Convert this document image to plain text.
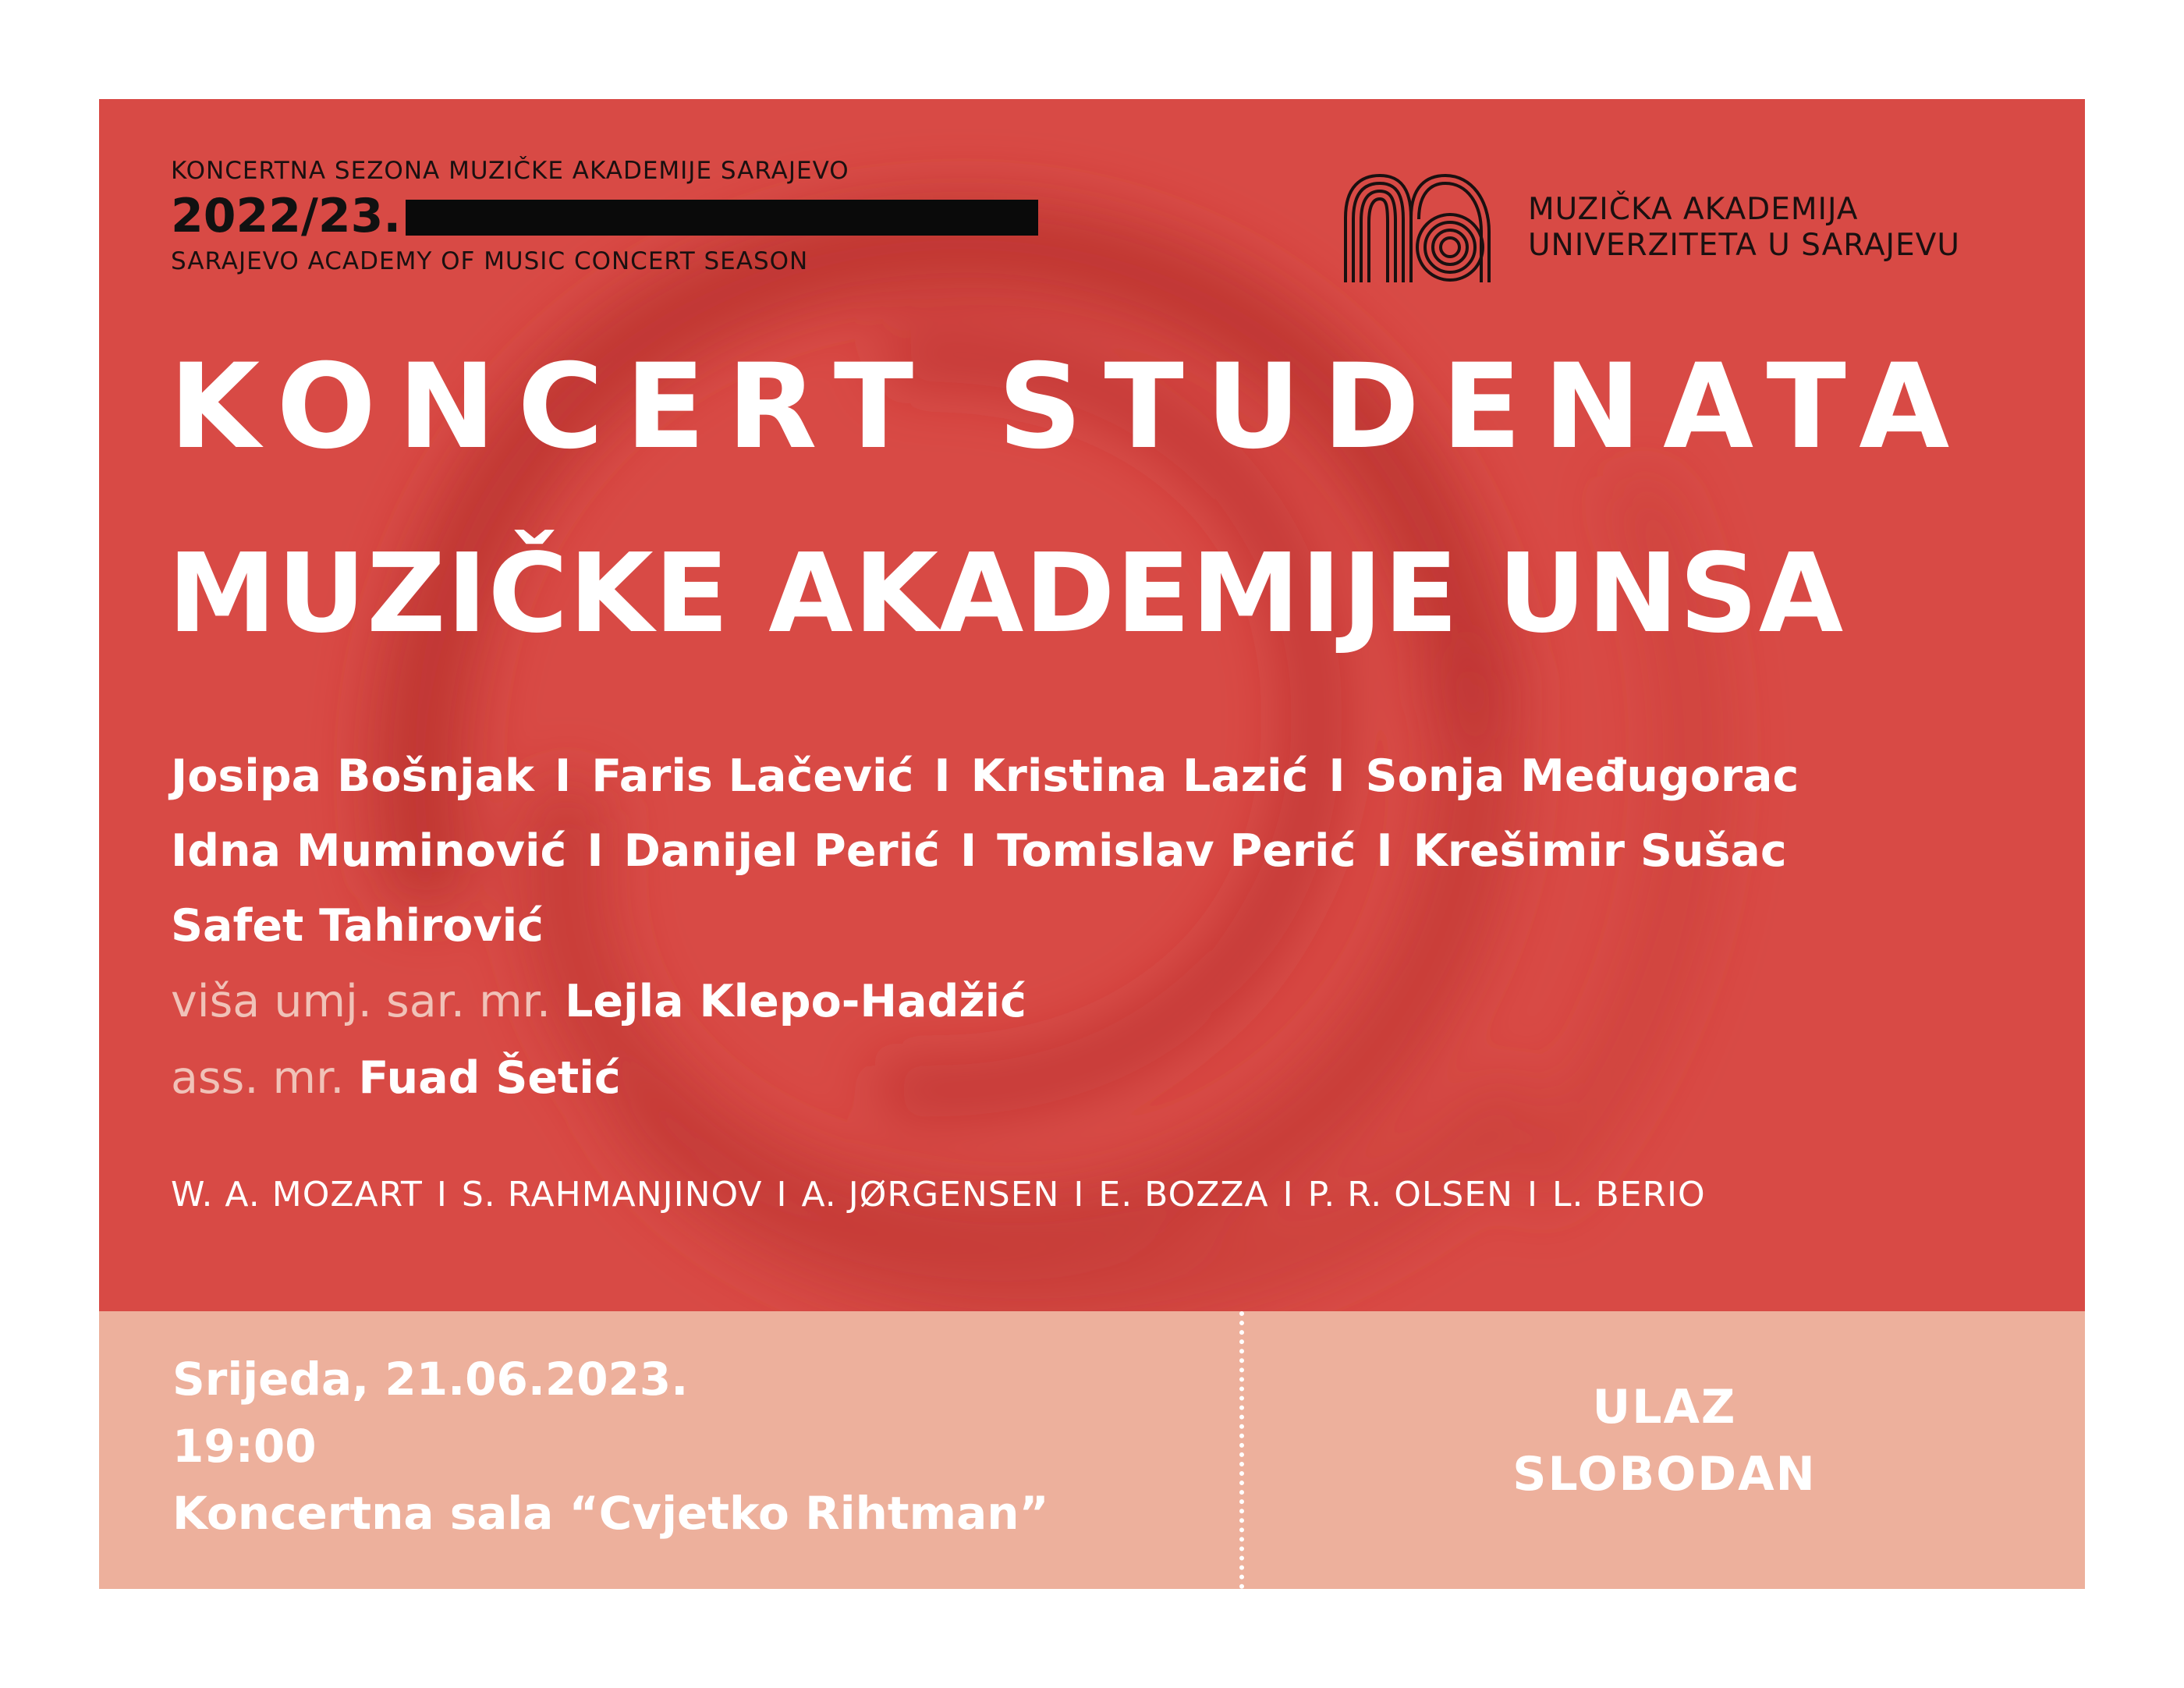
KONCERTNA SEZONA MUZIČKE AKADEMIJE SARAJEVO
2022/23.
SARAJEVO ACADEMY OF MUSIC CONCERT SEASON
MUZIČKA AKADEMIJA
UNIVERZITETA U SARAJEVU
KONCERT STUDENATA
MUZIČKE AKADEMIJE UNSA
Josipa Bošnjak I Faris Lačević I Kristina Lazić I Sonja Međugorac
Idna Muminović I Danijel Perić I Tomislav Perić I Krešimir Sušac
Safet Tahirović
viša umj. sar. mr. Lejla Klepo-Hadžić
ass. mr. Fuad Šetić
W. A. MOZART I S. RAHMANJINOV I A. JØRGENSEN I E. BOZZA I P. R. OLSEN I L. BERIO
Srijeda, 21.06.2023.
19:00
Koncertna sala “Cvjetko Rihtman”
ULAZ
SLOBODAN
